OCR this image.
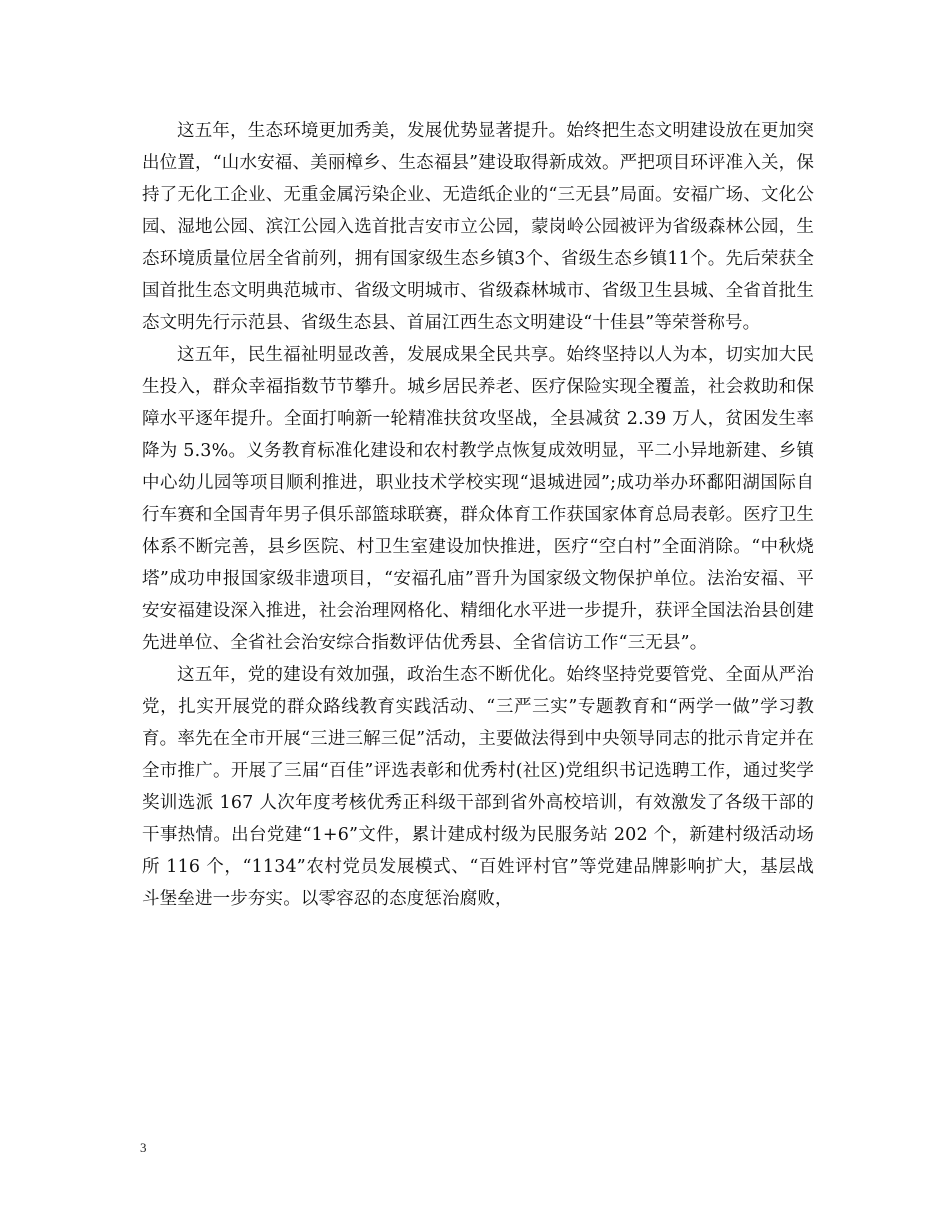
这五年，生态环境更加秀美，发展优势显著提升。始终把生态文明建设放在更加突出位置，“山水安福、美丽樟乡、生态福县”建设取得新成效。严把项目环评准入关，保持了无化工企业、无重金属污染企业、无造纸企业的“三无县”局面。安福广场、文化公园、湿地公园、滨江公园入选首批吉安市立公园，蒙岗岭公园被评为省级森林公园，生态环境质量位居全省前列，拥有国家级生态乡镇3个、省级生态乡镇11个。先后荣获全国首批生态文明典范城市、省级文明城市、省级森林城市、省级卫生县城、全省首批生态文明先行示范县、省级生态县、首届江西生态文明建设“十佳县”等荣誉称号。

这五年，民生福祉明显改善，发展成果全民共享。始终坚持以人为本，切实加大民生投入，群众幸福指数节节攀升。城乡居民养老、医疗保险实现全覆盖，社会救助和保障水平逐年提升。全面打响新一轮精准扶贫攻坚战，全县减贫 2.39 万人，贫困发生率降为 5.3%。义务教育标准化建设和农村教学点恢复成效明显，平二小异地新建、乡镇中心幼儿园等项目顺利推进，职业技术学校实现“退城进园”;成功举办环鄱阳湖国际自行车赛和全国青年男子俱乐部篮球联赛，群众体育工作获国家体育总局表彰。医疗卫生体系不断完善，县乡医院、村卫生室建设加快推进，医疗“空白村”全面消除。“中秋烧塔”成功申报国家级非遗项目，“安福孔庙”晋升为国家级文物保护单位。法治安福、平安安福建设深入推进，社会治理网格化、精细化水平进一步提升，获评全国法治县创建先进单位、全省社会治安综合指数评估优秀县、全省信访工作“三无县”。

这五年，党的建设有效加强，政治生态不断优化。始终坚持党要管党、全面从严治党，扎实开展党的群众路线教育实践活动、“三严三实”专题教育和“两学一做”学习教育。率先在全市开展“三进三解三促”活动，主要做法得到中央领导同志的批示肯定并在全市推广。开展了三届“百佳”评选表彰和优秀村(社区)党组织书记选聘工作，通过奖学奖训选派 167 人次年度考核优秀正科级干部到省外高校培训，有效激发了各级干部的干事热情。出台党建“1+6”文件，累计建成村级为民服务站 202 个，新建村级活动场所 116 个，“1134”农村党员发展模式、“百姓评村官”等党建品牌影响扩大，基层战斗堡垒进一步夯实。以零容忍的态度惩治腐败，

3
